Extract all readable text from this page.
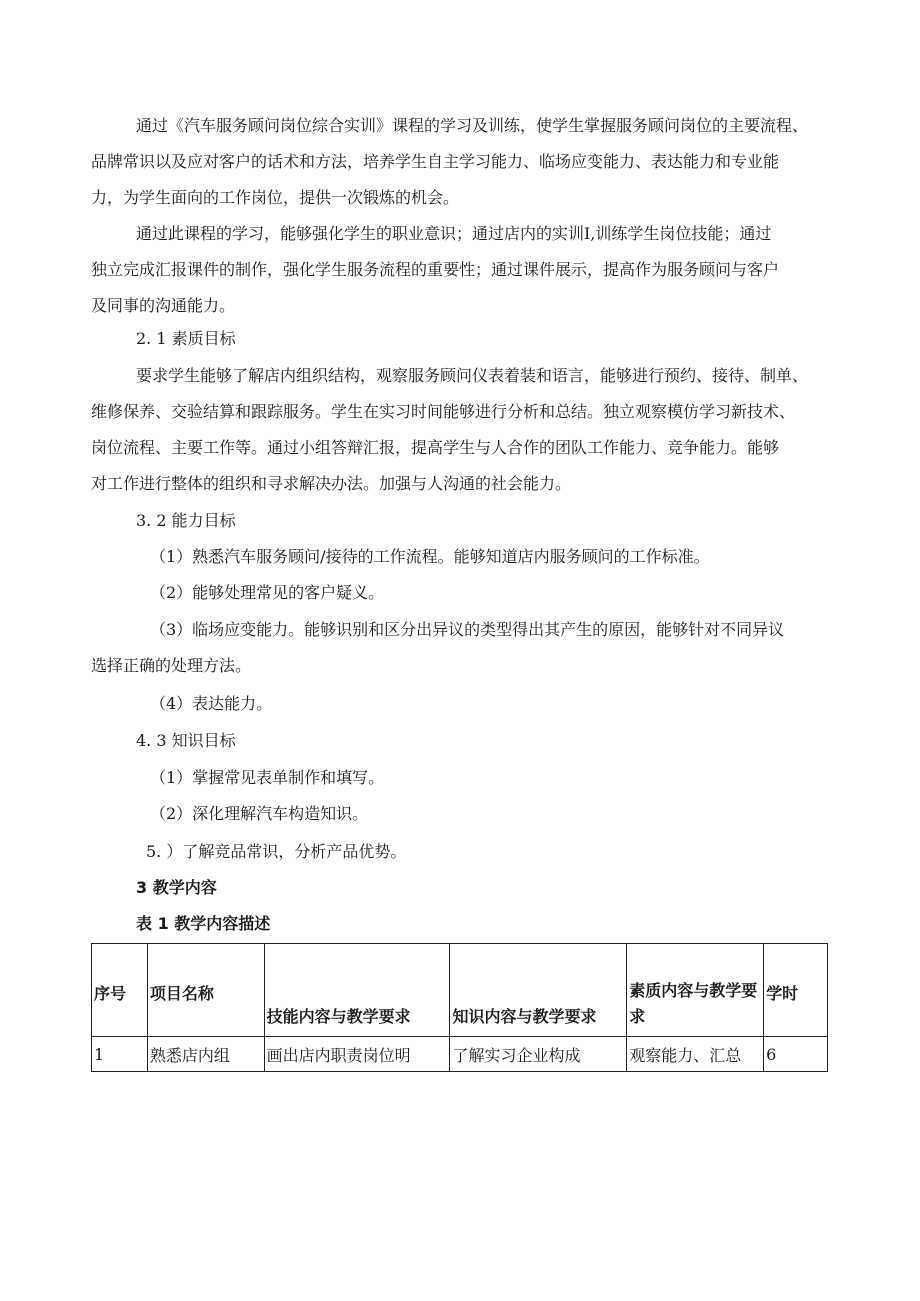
通过《汽车服务顾问岗位综合实训》课程的学习及训练，使学生掌握服务顾问岗位的主要流程、
品牌常识以及应对客户的话术和方法，培养学生自主学习能力、临场应变能力、表达能力和专业能
力，为学生面向的工作岗位，提供一次锻炼的机会。
通过此课程的学习，能够强化学生的职业意识；通过店内的实训I,训练学生岗位技能；通过
独立完成汇报课件的制作，强化学生服务流程的重要性；通过课件展示，提高作为服务顾问与客户
及同事的沟通能力。
2. 1 素质目标
要求学生能够了解店内组织结构，观察服务顾问仪表着装和语言，能够进行预约、接待、制单、
维修保养、交验结算和跟踪服务。学生在实习时间能够进行分析和总结。独立观察模仿学习新技术、
岗位流程、主要工作等。通过小组答辩汇报，提高学生与人合作的团队工作能力、竞争能力。能够
对工作进行整体的组织和寻求解决办法。加强与人沟通的社会能力。
3. 2 能力目标
（1）熟悉汽车服务顾问/接待的工作流程。能够知道店内服务顾问的工作标准。
（2）能够处理常见的客户疑义。
（3）临场应变能力。能够识别和区分出异议的类型得出其产生的原因，能够针对不同异议
选择正确的处理方法。
（4）表达能力。
4. 3 知识目标
（1）掌握常见表单制作和填写。
（2）深化理解汽车构造知识。
5. ）了解竞品常识，分析产品优势。
3 教学内容
表 1 教学内容描述
序号	项目名称	技能内容与教学要求	知识内容与教学要求	素质内容与教学要求	学时
1	熟悉店内组	画出店内职责岗位明	了解实习企业构成	观察能力、汇总	6
